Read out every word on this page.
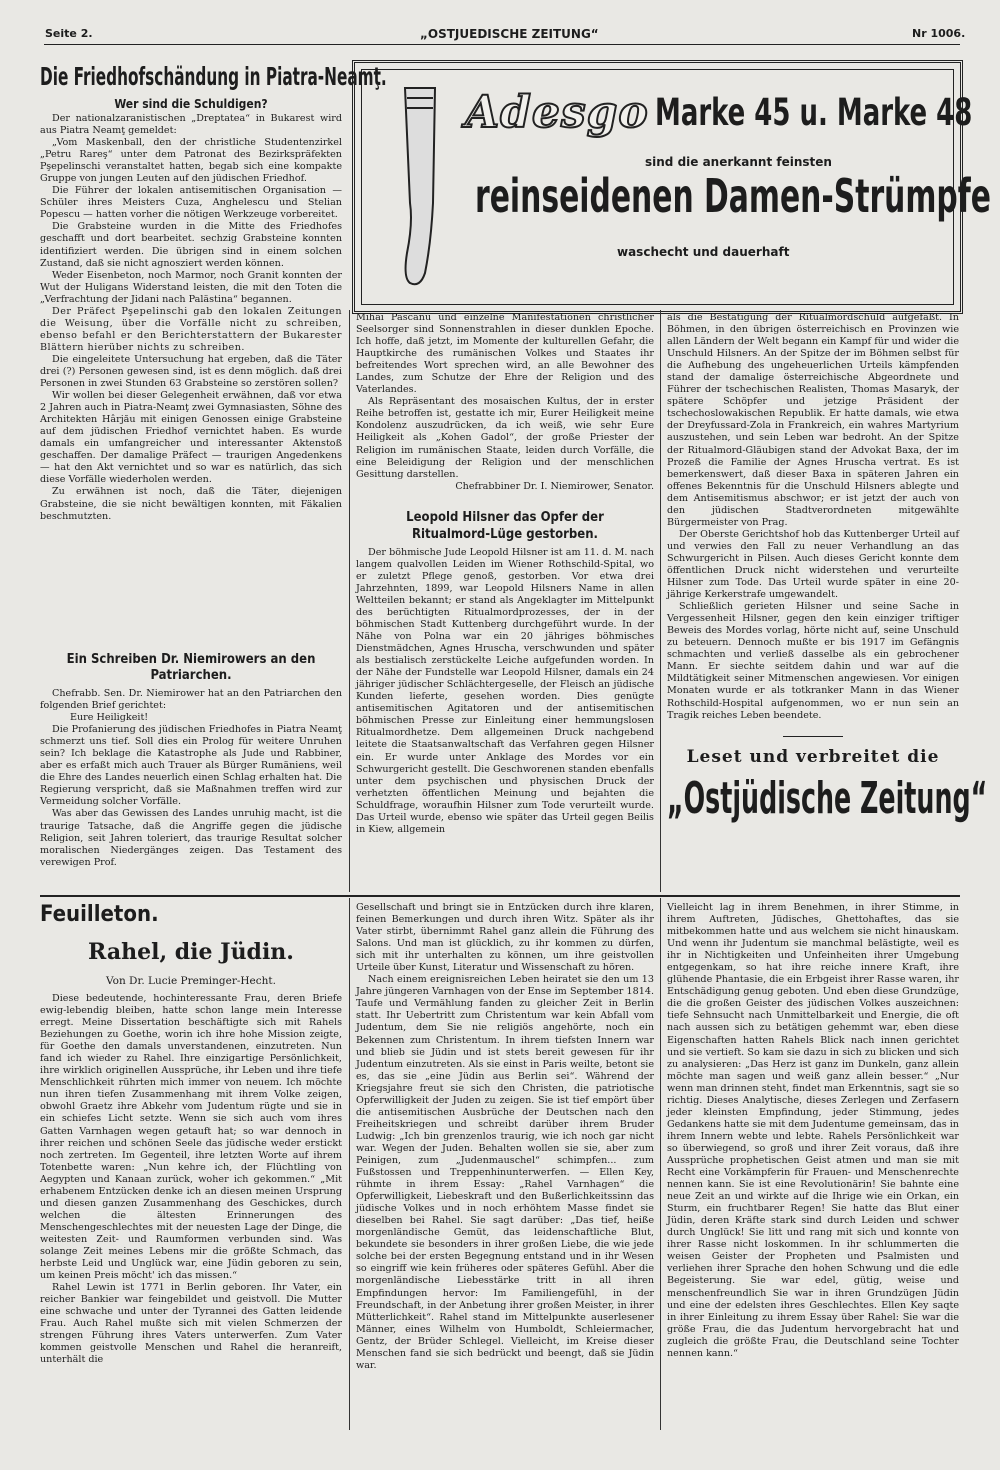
Seite 2.	„OSTJUEDISCHE ZEITUNG“	Nr 1006.
Adesgo Marke 45 u. Marke 48
sind die anerkannt feinsten
reinseidenen Damen-Strümpfe
waschecht und dauerhaft
Die Friedhofschändung in Piatra-Neamţ.
Wer sind die Schuldigen?

Der nationalzaranistischen „Dreptatea“ in Bukarest wird aus Piatra Neamţ gemeldet:

„Vom Maskenball, den der christliche Studentenzirkel „Petru Rareş“ unter dem Patronat des Bezirkspräfekten Pşepelinschi veranstaltet hatten, begab sich eine kompakte Gruppe von jungen Leuten auf den jüdischen Friedhof.

Die Führer der lokalen antisemitischen Organisation — Schüler ihres Meisters Cuza, Anghelescu und Stelian Popescu — hatten vorher die nötigen Werkzeuge vorbereitet.

Die Grabsteine wurden in die Mitte des Friedhofes geschafft und dort bearbeitet. sechzig Grabsteine konnten identifiziert werden. Die übrigen sind in einem solchen Zustand, daß sie nicht agnosziert werden können.

Weder Eisenbeton, noch Marmor, noch Granit konnten der Wut der Huligans Widerstand leisten, die mit den Toten die „Verfrachtung der Jidani nach Palästina“ begannen.

Der Präfect Pşepelinschi gab den lokalen Zeitungen die Weisung, über die Vorfälle nicht zu schreiben, ebenso befahl er den Berichterstattern der Bukarester Blättern hierüber nichts zu schreiben.

Die eingeleitete Untersuchung hat ergeben, daß die Täter drei (?) Personen gewesen sind, ist es denn möglich. daß drei Personen in zwei Stunden 63 Grabsteine so zerstören sollen?

Wir wollen bei dieser Gelegenheit erwähnen, daß vor etwa 2 Jahren auch in Piatra-Neamţ zwei Gymnasiasten, Söhne des Architekten Hârjău mit einigen Genossen einige Grabsteine auf dem jüdischen Friedhof vernichtet haben. Es wurde damals ein umfangreicher und interessanter Aktenstoß geschaffen. Der damalige Präfect — traurigen Angedenkens — hat den Akt vernichtet und so war es natürlich, das sich diese Vorfälle wiederholen werden.

Zu erwähnen ist noch, daß die Täter, diejenigen Grabsteine, die sie nicht bewältigen konnten, mit Fäkalien beschmutzten.

Ein Schreiben Dr. Niemirowers an den Patriarchen.

Chefrabb. Sen. Dr. Niemirower hat an den Patriarchen den folgenden Brief gerichtet:

Eure Heiligkeit!

Die Profanierung des jüdischen Friedhofes in Piatra Neamţ schmerzt uns tief. Soll dies ein Prolog für weitere Unruhen sein? Ich beklage die Katastrophe als Jude und Rabbiner, aber es erfaßt mich auch Trauer als Bürger Rumäniens, weil die Ehre des Landes neuerlich einen Schlag erhalten hat. Die Regierung verspricht, daß sie Maßnahmen treffen wird zur Vermeidung solcher Vorfälle.

Was aber das Gewissen des Landes unruhig macht, ist die traurige Tatsache, daß die Angriffe gegen die jüdische Religion, seit Jahren toleriert, das traurige Resultat solcher moralischen Niedergänges zeigen. Das Testament des verewigen Prof.

Mihai Pascanu und einzelne Manifestationen christlicher Seelsorger sind Sonnenstrahlen in dieser dunklen Epoche. Ich hoffe, daß jetzt, im Momente der kulturellen Gefahr, die Hauptkirche des rumänischen Volkes und Staates ihr befreitendes Wort sprechen wird, an alle Bewohner des Landes, zum Schutze der Ehre der Religion und des Vaterlandes.

Als Repräsentant des mosaischen Kultus, der in erster Reihe betroffen ist, gestatte ich mir, Eurer Heiligkeit meine Kondolenz auszudrücken, da ich weiß, wie sehr Eure Heiligkeit als „Kohen Gadol“, der große Priester der Religion im rumänischen Staate, leiden durch Vorfälle, die eine Beleidigung der Religion und der menschlichen Gesittung darstellen.

Chefrabbiner Dr. I. Niemirower, Senator.

Leopold Hilsner das Opfer der Ritualmord-Lüge gestorben.

Der böhmische Jude Leopold Hilsner ist am 11. d. M. nach langem qualvollen Leiden im Wiener Rothschild-Spital, wo er zuletzt Pflege genoß, gestorben. Vor etwa drei Jahrzehnten, 1899, war Leopold Hilsners Name in allen Weltteilen bekannt; er stand als Angeklagter im Mittelpunkt des berüchtigten Ritualmordprozesses, der in der böhmischen Stadt Kuttenberg durchgeführt wurde. In der Nähe von Polna war ein 20 jähriges böhmisches Dienstmädchen, Agnes Hruscha, verschwunden und später als bestialisch zerstückelte Leiche aufgefunden worden. In der Nähe der Fundstelle war Leopold Hilsner, damals ein 24 jähriger jüdischer Schlächtergeselle, der Fleisch an jüdische Kunden lieferte, gesehen worden. Dies genügte antisemitischen Agitatoren und der antisemitischen böhmischen Presse zur Einleitung einer hemmungslosen Ritualmordhetze. Dem allgemeinen Druck nachgebend leitete die Staatsanwaltschaft das Verfahren gegen Hilsner ein. Er wurde unter Anklage des Mordes vor ein Schwurgericht gestellt. Die Geschworenen standen ebenfalls unter dem psychischen und physischen Druck der verhetzten öffentlichen Meinung und bejahten die Schuldfrage, woraufhin Hilsner zum Tode verurteilt wurde. Das Urteil wurde, ebenso wie später das Urteil gegen Beilis in Kiew, allgemein

als die Bestätigung der Ritualmordschuld aufgefaßt. In Böhmen, in den übrigen österreichisch en Provinzen wie allen Ländern der Welt begann ein Kampf für und wider die Unschuld Hilsners. An der Spitze der im Böhmen selbst für die Aufhebung des ungeheuerlichen Urteils kämpfenden stand der damalige österreichische Abgeordnete und Führer der tschechischen Realisten, Thomas Masaryk, der spätere Schöpfer und jetzige Präsident der tschechoslowakischen Republik. Er hatte damals, wie etwa der Dreyfussard-Zola in Frankreich, ein wahres Martyrium auszustehen, und sein Leben war bedroht. An der Spitze der Ritualmord-Gläubigen stand der Advokat Baxa, der im Prozeß die Familie der Agnes Hruscha vertrat. Es ist bemerkenswert, daß dieser Baxa in späteren Jahren ein offenes Bekenntnis für die Unschuld Hilsners ablegte und dem Antisemitismus abschwor; er ist jetzt der auch von den jüdischen Stadtverordneten mitgewählte Bürgermeister von Prag.

Der Oberste Gerichtshof hob das Kuttenberger Urteil auf und verwies den Fall zu neuer Verhandlung an das Schwurgericht in Pilsen. Auch dieses Gericht konnte dem öffentlichen Druck nicht widerstehen und verurteilte Hilsner zum Tode. Das Urteil wurde später in eine 20-jährige Kerkerstrafe umgewandelt.

Schließlich gerieten Hilsner und seine Sache in Vergessenheit Hilsner, gegen den kein einziger triftiger Beweis des Mordes vorlag, hörte nicht auf, seine Unschuld zu beteuern. Dennoch mußte er bis 1917 im Gefängnis schmachten und verließ dasselbe als ein gebrochener Mann. Er siechte seitdem dahin und war auf die Mildtätigkeit seiner Mitmenschen angewiesen. Vor einigen Monaten wurde er als totkranker Mann in das Wiener Rothschild-Hospital aufgenommen, wo er nun sein an Tragik reiches Leben beendete.

Leset und verbreitet die
„Ostjüdische Zeitung“
Feuilleton.
Rahel, die Jüdin.
Von Dr. Lucie Preminger-Hecht.

Diese bedeutende, hochinteressante Frau, deren Briefe ewig-lebendig bleiben, hatte schon lange mein Interesse erregt. Meine Dissertation beschäftigte sich mit Rahels Beziehungen zu Goethe, worin ich ihre hohe Mission zeigte, für Goethe den damals unverstandenen, einzutreten. Nun fand ich wieder zu Rahel. Ihre einzigartige Persönlichkeit, ihre wirklich originellen Aussprüche, ihr Leben und ihre tiefe Menschlichkeit rührten mich immer von neuem. Ich möchte nun ihren tiefen Zusammenhang mit ihrem Volke zeigen, obwohl Graetz ihre Abkehr vom Judentum rügte und sie in ein schiefes Licht setzte. Wenn sie sich auch vom ihres Gatten Varnhagen wegen getauft hat; so war dennoch in ihrer reichen und schönen Seele das jüdische weder erstickt noch zertreten. Im Gegenteil, ihre letzten Worte auf ihrem Totenbette waren: „Nun kehre ich, der Flüchtling von Aegypten und Kanaan zurück, woher ich gekommen.“ „Mit erhabenem Entzücken denke ich an diesen meinen Ursprung und diesen ganzen Zusammenhang des Geschickes, durch welchen die ältesten Erinnerungen des Menschengeschlechtes mit der neuesten Lage der Dinge, die weitesten Zeit- und Raumformen verbunden sind. Was solange Zeit meines Lebens mir die größte Schmach, das herbste Leid und Unglück war, eine Jüdin geboren zu sein, um keinen Preis möcht' ich das missen.“

Rahel Lewin ist 1771 in Berlin geboren. Ihr Vater, ein reicher Bankier war feingebildet und geistvoll. Die Mutter eine schwache und unter der Tyrannei des Gatten leidende Frau. Auch Rahel mußte sich mit vielen Schmerzen der strengen Führung ihres Vaters unterwerfen. Zum Vater kommen geistvolle Menschen und Rahel die heranreift, unterhält die

Gesellschaft und bringt sie in Entzücken durch ihre klaren, feinen Bemerkungen und durch ihren Witz. Später als ihr Vater stirbt, übernimmt Rahel ganz allein die Führung des Salons. Und man ist glücklich, zu ihr kommen zu dürfen, sich mit ihr unterhalten zu können, um ihre geistvollen Urteile über Kunst, Literatur und Wissenschaft zu hören.

Nach einem ereignisreichen Leben heiratet sie den um 13 Jahre jüngeren Varnhagen von der Ense im September 1814. Taufe und Vermählung fanden zu gleicher Zeit in Berlin statt. Ihr Uebertritt zum Christentum war kein Abfall vom Judentum, dem Sie nie religiös angehörte, noch ein Bekennen zum Christentum. In ihrem tiefsten Innern war und blieb sie Jüdin und ist stets bereit gewesen für ihr Judentum einzutreten. Als sie einst in Paris weilte, betont sie es, das sie „eine Jüdin aus Berlin sei“. Während der Kriegsjahre freut sie sich den Christen, die patriotische Opferwilligkeit der Juden zu zeigen. Sie ist tief empört über die antisemitischen Ausbrüche der Deutschen nach den Freiheitskriegen und schreibt darüber ihrem Bruder Ludwig: „Ich bin grenzenlos traurig, wie ich noch gar nicht war. Wegen der Juden. Behalten wollen sie sie, aber zum Peinigen, zum „Judenmauschel“ schimpfen... zum Fußstossen und Treppenhinunterwerfen. — Ellen Key, rühmte in ihrem Essay: „Rahel Varnhagen“ die Opferwilligkeit, Liebeskraft und den Bußerlichkeitssinn das jüdische Volkes und in noch erhöhtem Masse findet sie dieselben bei Rahel. Sie sagt darüber: „Das tief, heiße morgenländische Gemüt, das leidenschaftliche Blut, bekundete sie besonders in ihrer großen Liebe, die wie jede solche bei der ersten Begegnung entstand und in ihr Wesen so eingriff wie kein früheres oder späteres Gefühl. Aber die morgenländische Liebesstärke tritt in all ihren Empfindungen hervor: Im Familiengefühl, in der Freundschaft, in der Anbetung ihrer großen Meister, in ihrer Mütterlichkeit“. Rahel stand im Mittelpunkte auserlesener Männer, eines Wilhelm von Humboldt, Schleiermacher, Gentz, der Brüder Schlegel. Vielleicht, im Kreise dieser Menschen fand sie sich bedrückt und beengt, daß sie Jüdin war.

Vielleicht lag in ihrem Benehmen, in ihrer Stimme, in ihrem Auftreten, Jüdisches, Ghettohaftes, das sie mitbekommen hatte und aus welchem sie nicht hinauskam. Und wenn ihr Judentum sie manchmal belästigte, weil es ihr in Nichtigkeiten und Unfeinheiten ihrer Umgebung entgegenkam, so hat ihre reiche innere Kraft, ihre glühende Phantasie, die ein Erbgeist ihrer Rasse waren, ihr Entschädigung genug geboten. Und eben diese Grundzüge, die die großen Geister des jüdischen Volkes auszeichnen: tiefe Sehnsucht nach Unmittelbarkeit und Energie, die oft nach aussen sich zu betätigen gehemmt war, eben diese Eigenschaften hatten Rahels Blick nach innen gerichtet und sie vertieft. So kam sie dazu in sich zu blicken und sich zu analysieren: „Das Herz ist ganz im Dunkeln, ganz allein möchte man sagen und weiß ganz allein besser.“ „Nur wenn man drinnen steht, findet man Erkenntnis, sagt sie so richtig. Dieses Analytische, dieses Zerlegen und Zerfasern jeder kleinsten Empfindung, jeder Stimmung, jedes Gedankens hatte sie mit dem Judentume gemeinsam, das in ihrem Innern webte und lebte. Rahels Persönlichkeit war so überwiegend, so groß und ihrer Zeit voraus, daß ihre Aussprüche prophetischen Geist atmen und man sie mit Recht eine Vorkämpferin für Frauen- und Menschenrechte nennen kann. Sie ist eine Revolutionärin! Sie bahnte eine neue Zeit an und wirkte auf die Ihrige wie ein Orkan, ein Sturm, ein fruchtbarer Regen! Sie hatte das Blut einer Jüdin, deren Kräfte stark sind durch Leiden und schwer durch Unglück! Sie litt und rang mit sich und konnte von ihrer Rasse nicht loskommen. In ihr schlummerten die weisen Geister der Propheten und Psalmisten und verliehen ihrer Sprache den hohen Schwung und die edle Begeisterung. Sie war edel, gütig, weise und menschenfreundlich Sie war in ihren Grundzügen Jüdin und eine der edelsten ihres Geschlechtes. Ellen Key saqte in ihrer Einleitung zu ihrem Essay über Rahel: Sie war die größe Frau, die das Judentum hervorgebracht hat und zugleich die größte Frau, die Deutschland seine Tochter nennen kann.“
